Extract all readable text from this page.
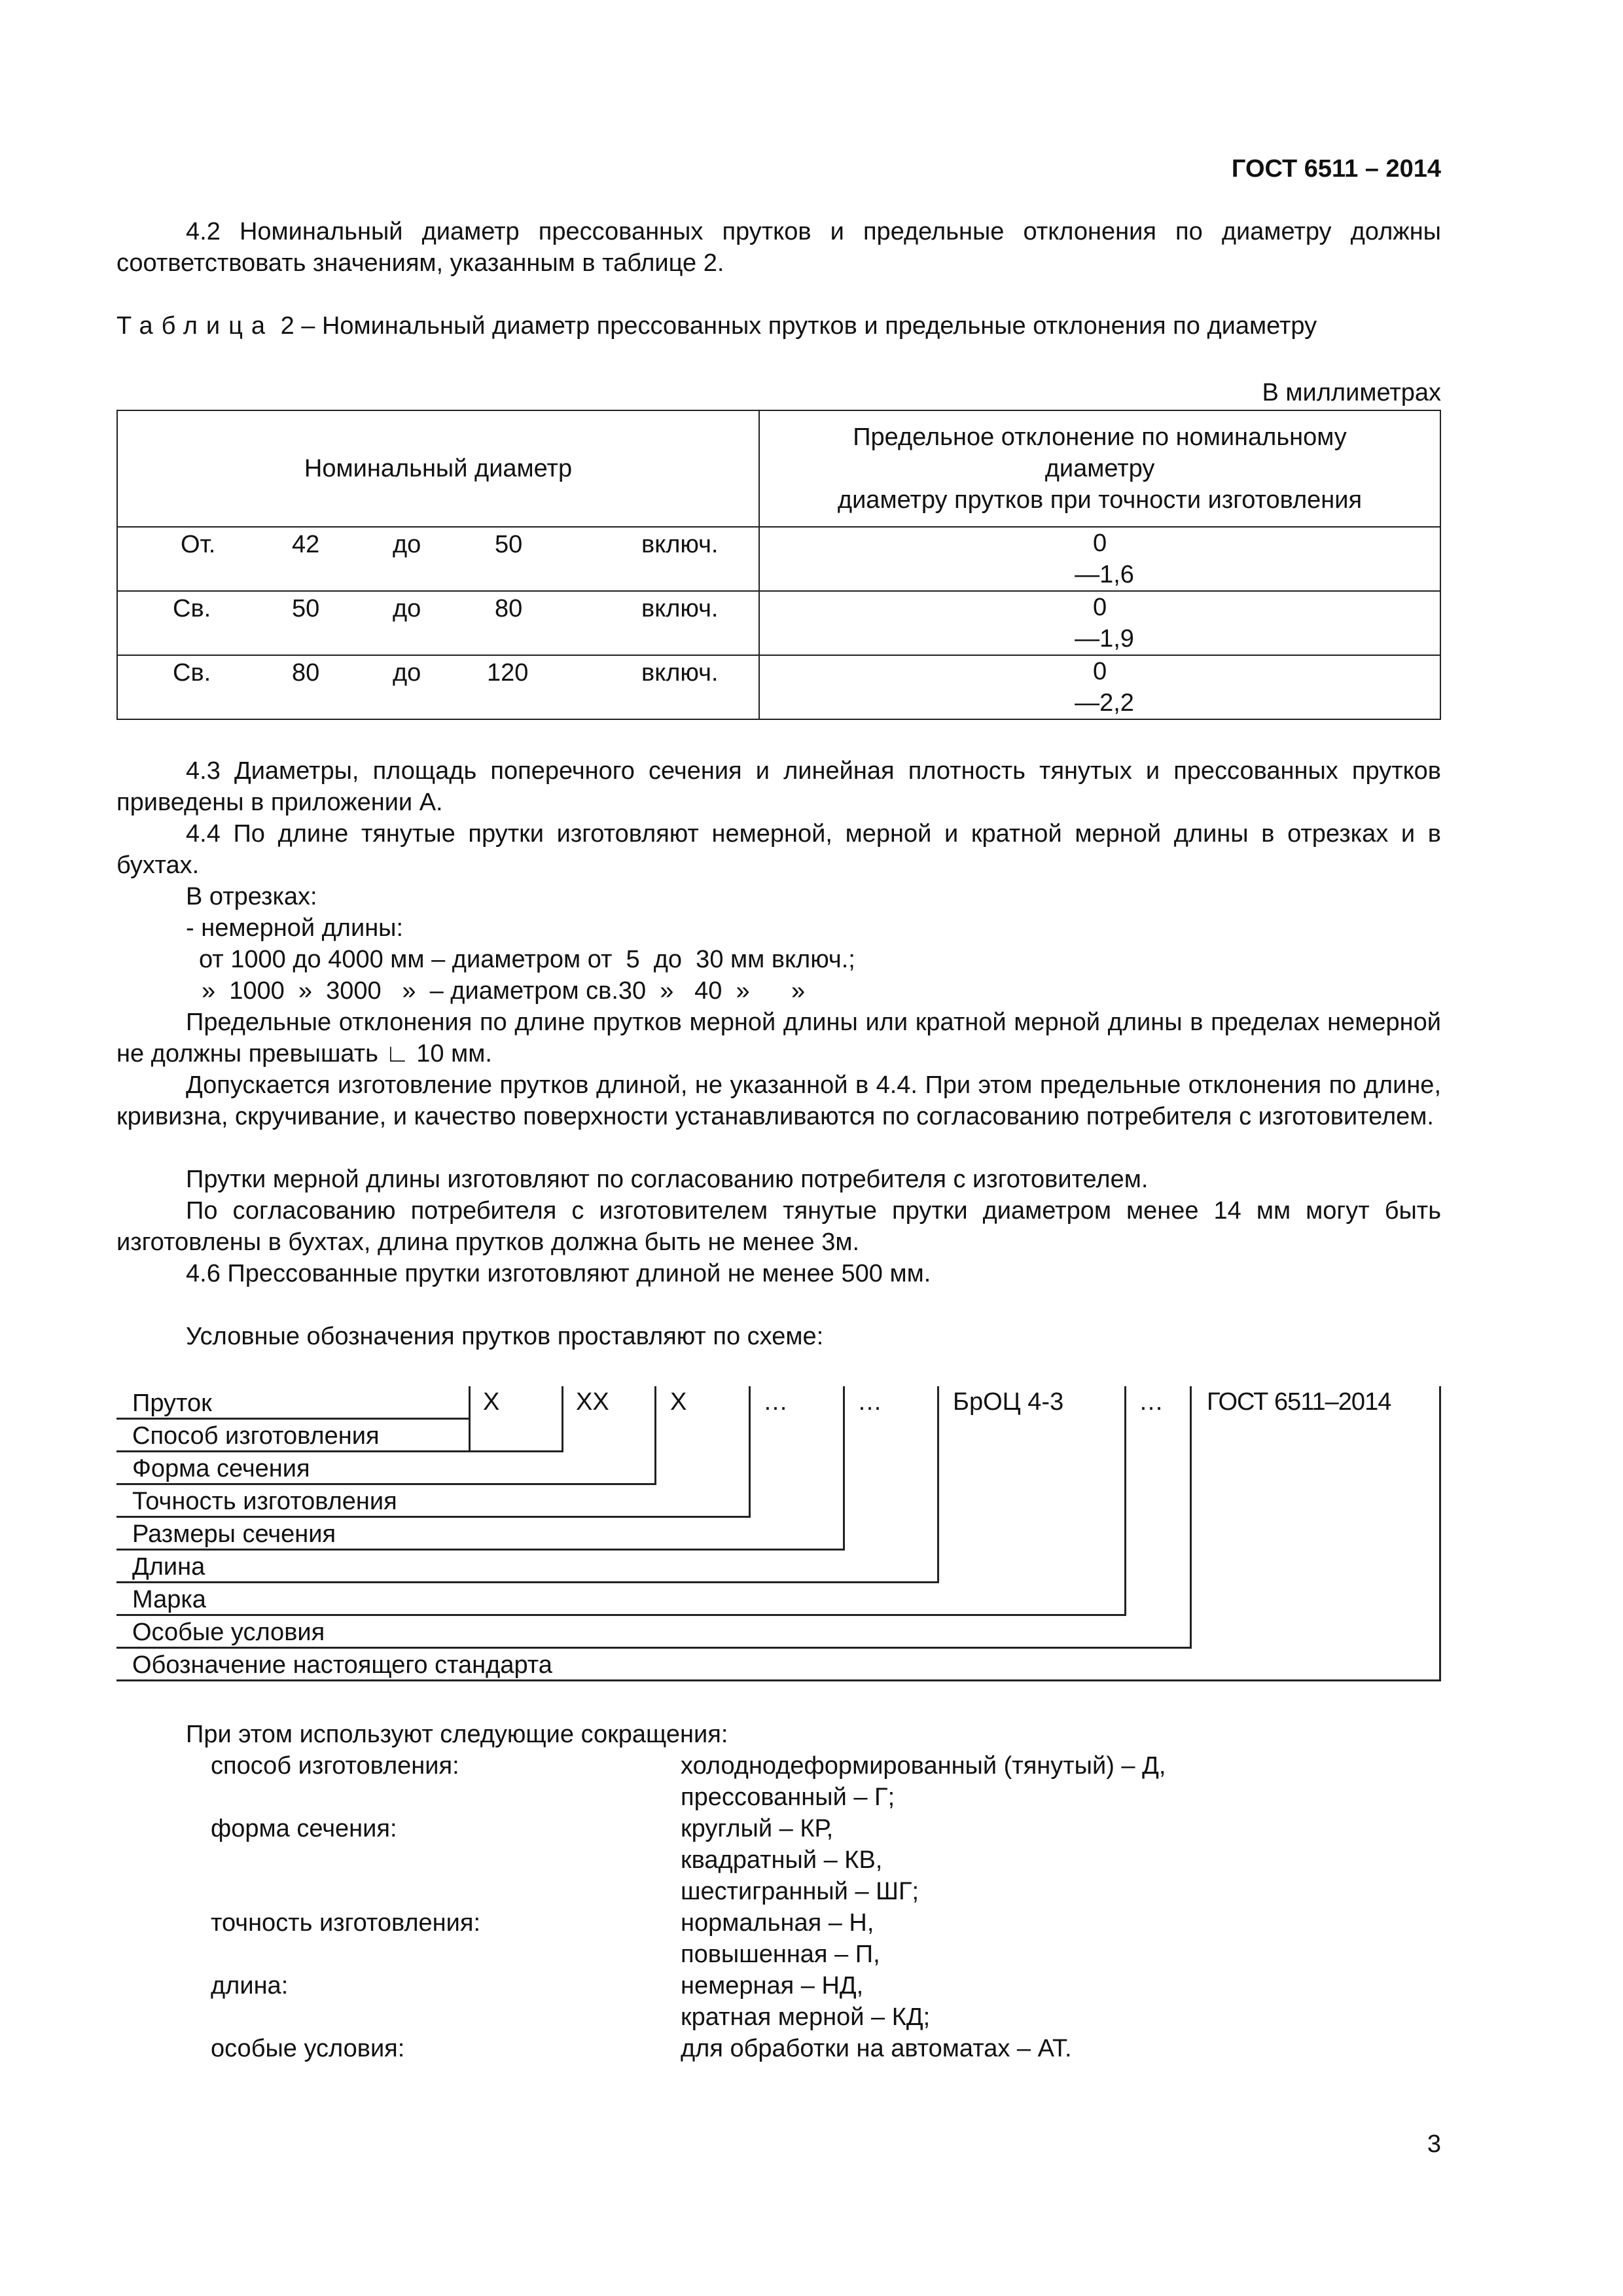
ГОСТ 6511 – 2014
4.2 Номинальный диаметр прессованных прутков и предельные отклонения по диаметру должны соответствовать значениям, указанным в таблице 2.
Таблица 2 – Номинальный диаметр прессованных прутков и предельные отклонения по диаметру
В миллиметрах
Номинальный диаметр	Предельное отклонение по номинальному
диаметру
диаметру прутков при точности изготовления

От. 42 до 50 включ.	0
—1,6

Св. 50 до 80 включ.	0
—1,9

Св. 80 до 120 включ.	0
—2,2
4.3 Диаметры, площадь поперечного сечения и линейная плотность тянутых и прессованных прутков приведены в приложении А.
4.4 По длине тянутые прутки изготовляют немерной, мерной и кратной мерной длины в отрезках и в бухтах.
В отрезках:
- немерной длины:
от 1000 до 4000 мм – диаметром от  5  до  30 мм включ.;
»  1000  »  3000   »  – диаметром св.30  »   40  »      »
Предельные отклонения по длине прутков мерной длины или кратной мерной длины в пределах немерной не должны превышать ∟ 10 мм.
Допускается изготовление прутков длиной, не указанной в 4.4. При этом предельные отклонения по длине, кривизна, скручивание, и качество поверхности устанавливаются по согласованию потребителя с изготовителем.
Прутки мерной длины изготовляют по согласованию потребителя с изготовителем.
По согласованию потребителя с изготовителем тянутые прутки диаметром менее 14 мм могут быть изготовлены в бухтах, длина прутков должна быть не менее 3м.
4.6 Прессованные прутки изготовляют длиной не менее 500 мм.
Условные обозначения прутков проставляют по схеме:
X	XX X	…	…	БрОЦ 4-3	… ГОСТ 6511–2014
Пруток
Способ изготовления
Форма сечения
Точность изготовления
Размеры сечения
Длина
Марка
Особые условия
Обозначение настоящего стандарта
При этом используют следующие сокращения:
способ изготовления:	холоднодеформированный (тянутый) – Д,
прессованный – Г;
форма сечения:	круглый – КР,
квадратный – КВ,
шестигранный – ШГ;
точность изготовления:	нормальная – Н,
повышенная – П,
длина:	немерная – НД,
кратная мерной – КД;
особые условия:	для обработки на автоматах – АТ.
3
